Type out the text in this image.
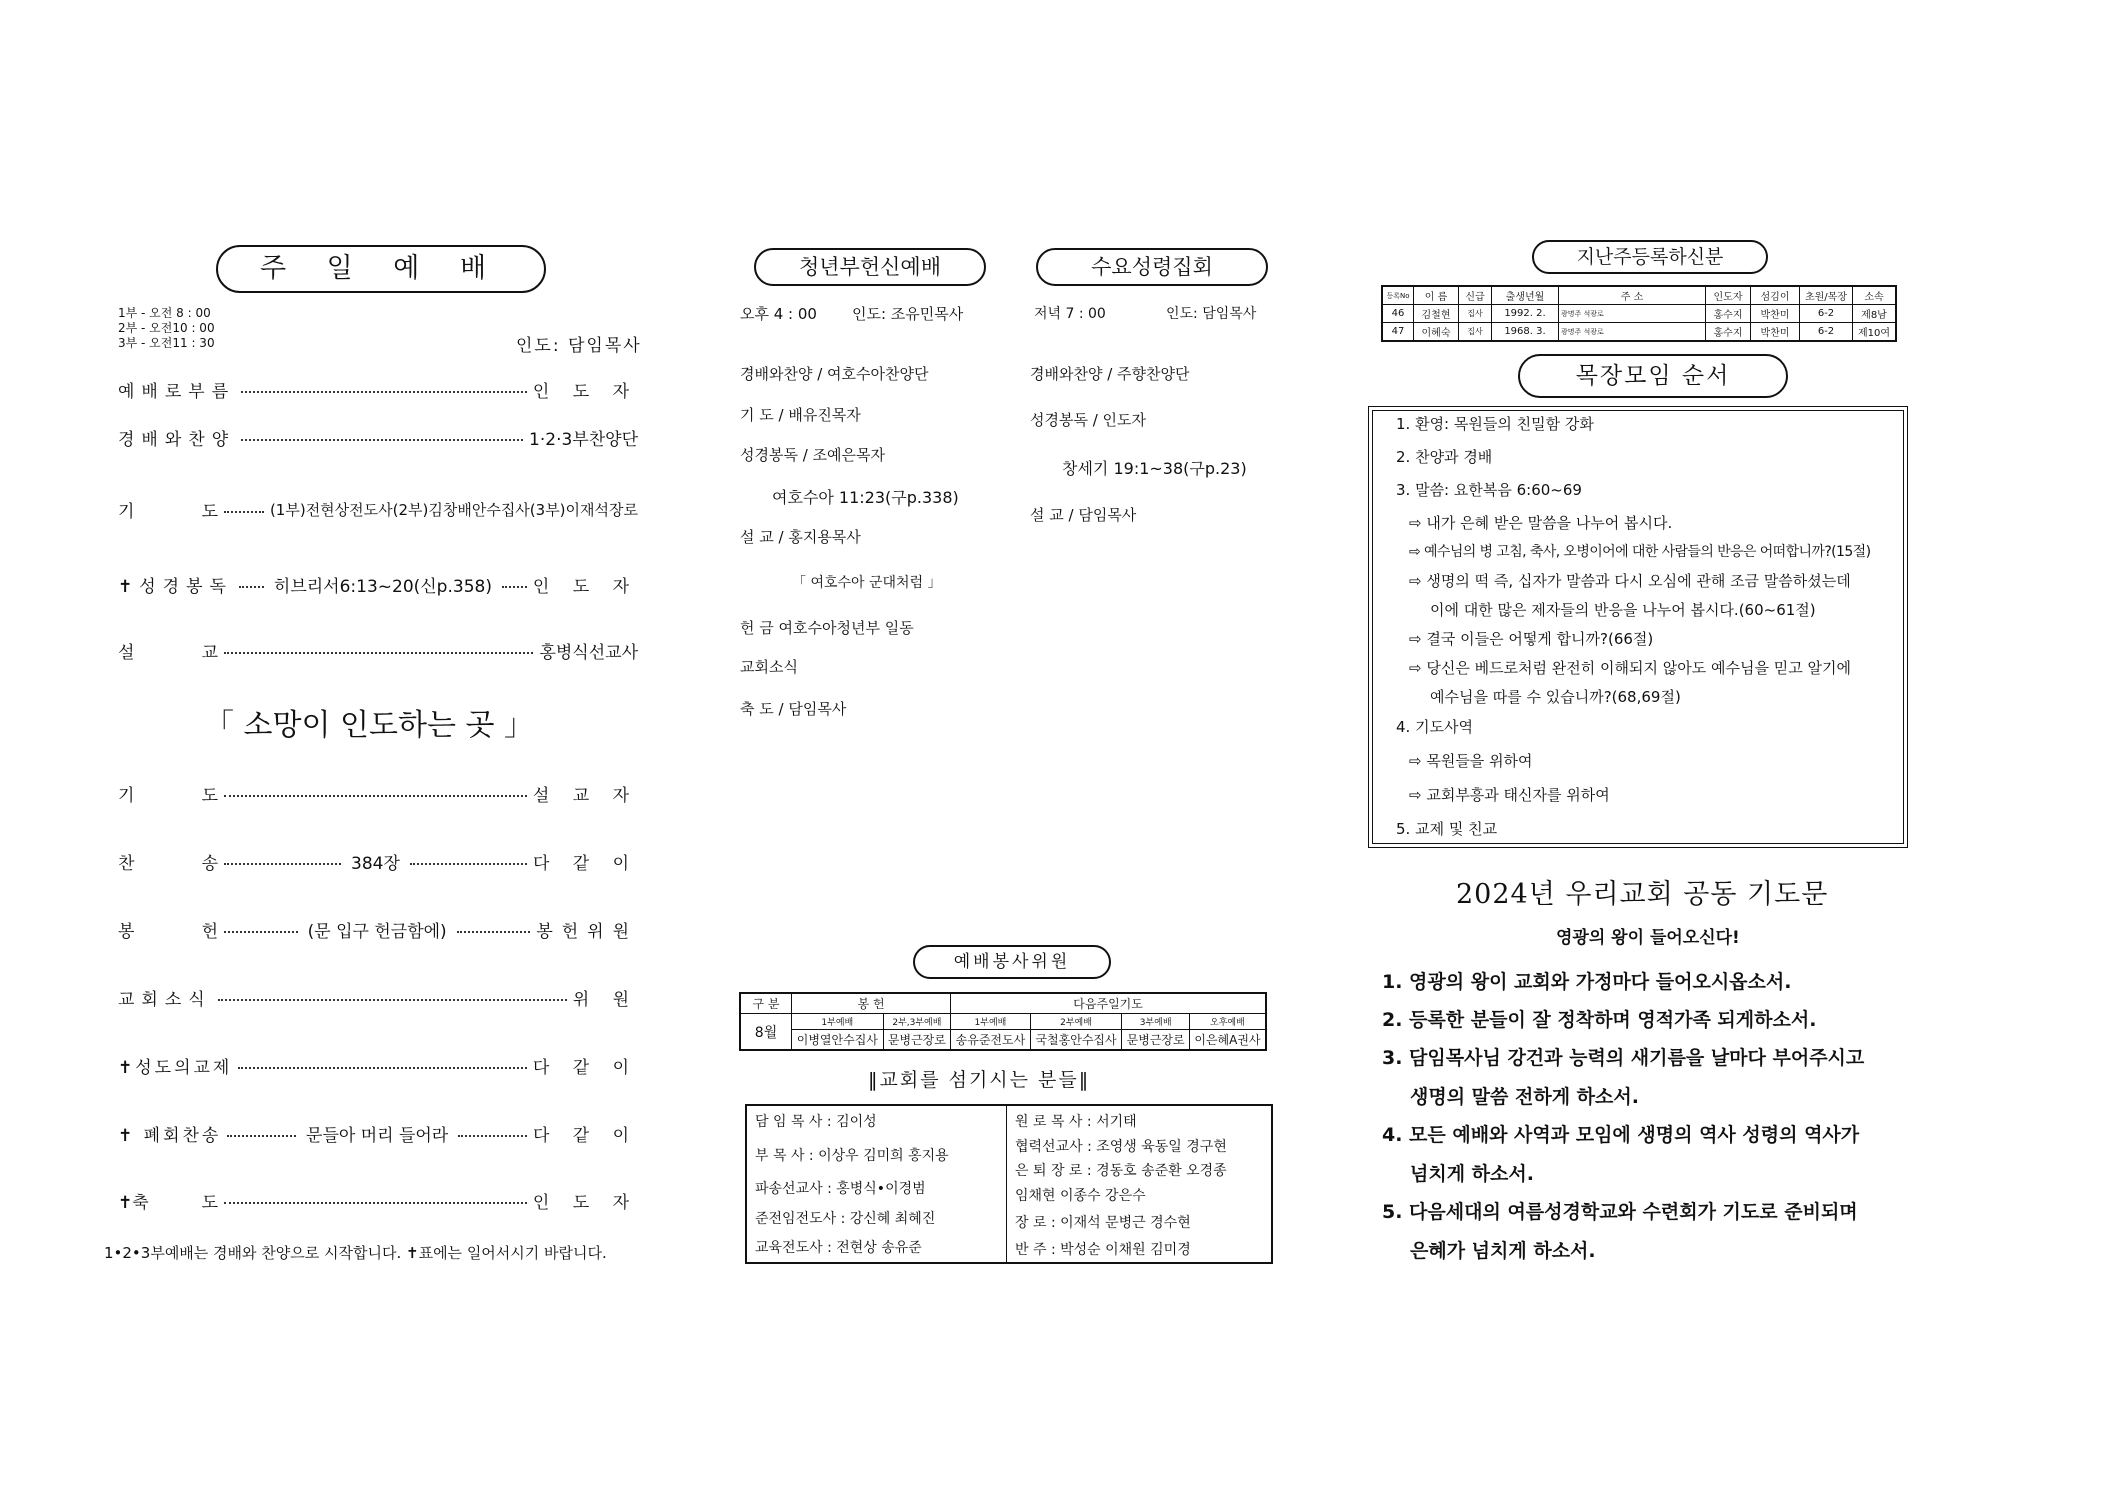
주 일 예 배
1부 - 오전 8 : 00
2부 - 오전10 : 00
3부 - 오전11 : 30	인도: 담임목사
예배로부름	인 도 자
경배와찬양	1·2·3부찬양단
기	도	(1부)전현상전도사(2부)김창배안수집사(3부)이재석장로
✝성경봉독 히브리서6:13~20(신p.358) 인 도 자
설	교	홍병식선교사
「 소망이 인도하는 곳 」
기	도	설 교 자
찬	송	384장	다 같 이
봉	헌	(문 입구 헌금함에)	봉헌위원
교회소식	위 원
✝성도의교제	다 같 이
✝ 폐회찬송	문들아 머리 들어라	다 같 이
✝축	도	인 도 자
1•2•3부예배는 경배와 찬양으로 시작합니다. ✝표에는 일어서시기 바랍니다.
청년부헌신예배
오후 4 : 00 인도: 조유민목사
경배와찬양 / 여호수아찬양단
기 도 / 배유진목자
성경봉독 / 조예은목자
여호수아 11:23(구p.338)
설 교 / 홍지용목사
「 여호수아 군대처럼 」
헌 금 여호수아청년부 일동
교회소식
축 도 / 담임목사
수요성령집회
저녁 7 : 00	인도: 담임목사
경배와찬양 / 주향찬양단
성경봉독 / 인도자
창세기 19:1~38(구p.23)
설 교 / 담임목사
예배봉사위원
구 분	봉 헌		다음주일기도			
8월	1부예배	2부,3부예배	1부예배	2부예배	3부예배	오후예배
	이병열안수집사	문병근장로	송유준전도사	국철홍안수집사	문병근장로	이은혜A권사
‖교회를 섬기시는 분들‖
담 임 목 사 : 김이성
부 목 사 : 이상우 김미희 홍지용
파송선교사 : 홍병식•이경범
준전임전도사 : 강신혜 최혜진
교육전도사 : 전현상 송유준
원 로 목 사 : 서기태
협력선교사 : 조영생 육동일 경구현
은 퇴 장 로 : 경동호 송준환 오경종
임채현 이종수 강은수
장 로 : 이재석 문병근 경수현
반 주 : 박성순 이채원 김미경
지난주등록하신분
등록No	이 름	신급	출생년월	주 소	인도자	섬김이	초원/목장	소속
46	김철현	집사	1992. 2.	광명주 석광로	홍수지	박찬미	6-2	제8남
47	이혜숙	집사	1968. 3.	광명주 석광로	홍수지	박찬미	6-2	제10여
목장모임 순서
1. 환영: 목원들의 친밀함 강화
2. 찬양과 경배
3. 말씀: 요한복음 6:60~69
⇨ 내가 은혜 받은 말씀을 나누어 봅시다.
⇨ 예수님의 병 고침, 축사, 오병이어에 대한 사람들의 반응은 어떠합니까?(15절)
⇨ 생명의 떡 즉, 십자가 말씀과 다시 오심에 관해 조금 말씀하셨는데
이에 대한 많은 제자들의 반응을 나누어 봅시다.(60~61절)
⇨ 결국 이들은 어떻게 합니까?(66절)
⇨ 당신은 베드로처럼 완전히 이해되지 않아도 예수님을 믿고 알기에
예수님을 따를 수 있습니까?(68,69절)
4. 기도사역
⇨ 목원들을 위하여
⇨ 교회부흥과 태신자를 위하여
5. 교제 및 친교
2024년 우리교회 공동 기도문
영광의 왕이 들어오신다!
1. 영광의 왕이 교회와 가정마다 들어오시옵소서.
2. 등록한 분들이 잘 정착하며 영적가족 되게하소서.
3. 담임목사님 강건과 능력의 새기름을 날마다 부어주시고
생명의 말씀 전하게 하소서.
4. 모든 예배와 사역과 모임에 생명의 역사 성령의 역사가
넘치게 하소서.
5. 다음세대의 여름성경학교와 수련회가 기도로 준비되며
은혜가 넘치게 하소서.
